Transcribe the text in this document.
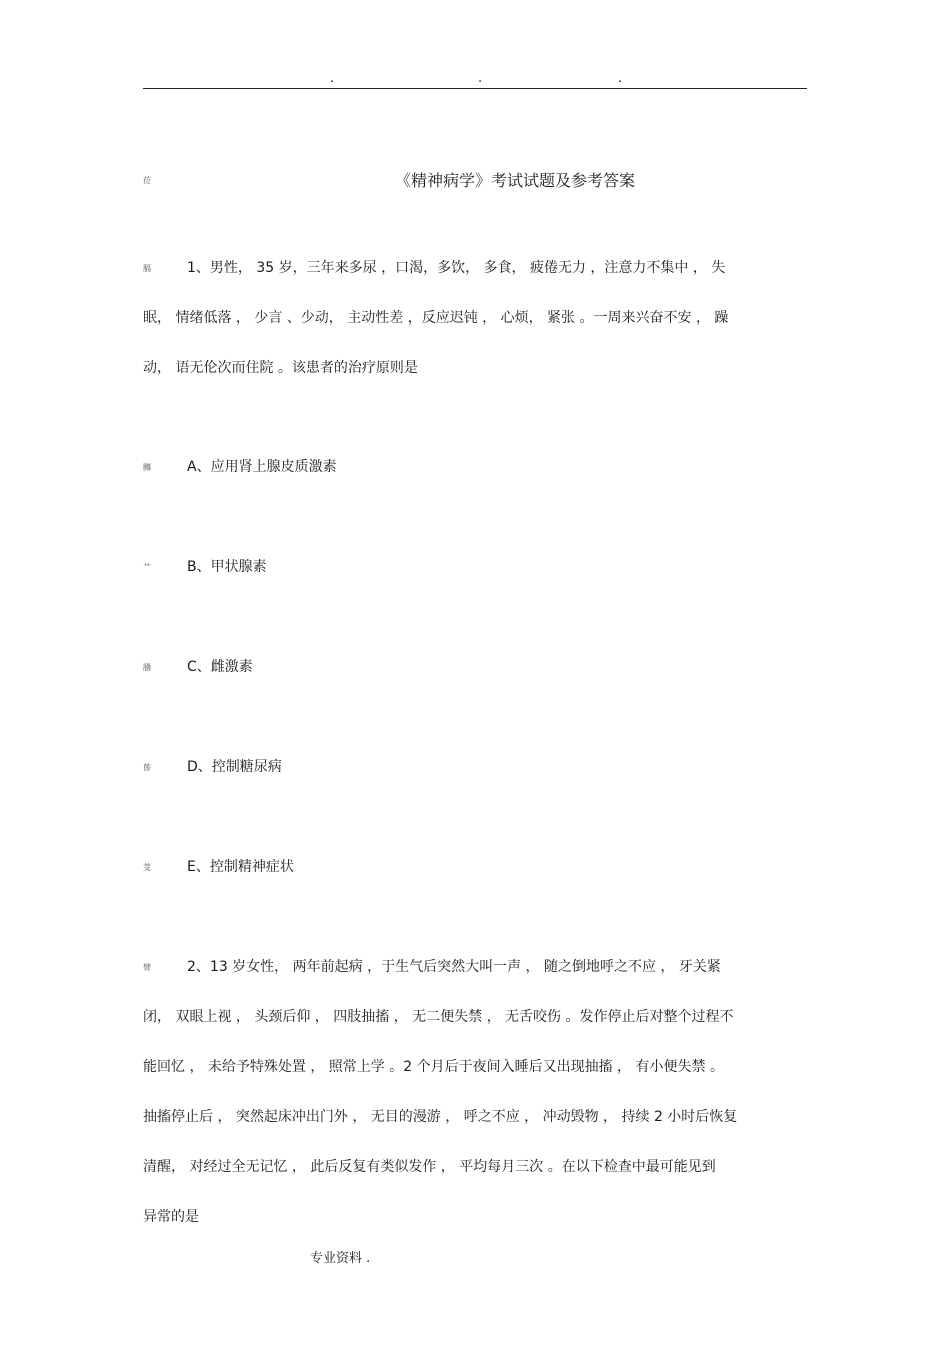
.	.	.
莅	《精神病学》考试试题及参考答案
膈	1、男性， 35 岁，三年来多尿 ，口渴，多饮， 多食， 疲倦无力 ，注意力不集中 ， 失
眠， 情绪低落 ， 少言 、少动， 主动性差 ，反应迟钝 ， 心烦， 紧张 。一周来兴奋不安 ， 躁
动， 语无伦次而住院 。该患者的治疗原则是
膷	A、应用肾上腺皮质激素
艹	B、甲状腺素
膙	C、雌激素
蒈	D、控制糖尿病
芰	E、控制精神症状
臂	2、13 岁女性， 两年前起病 ，于生气后突然大叫一声 ， 随之倒地呼之不应 ， 牙关紧
闭， 双眼上视 ， 头颈后仰 ， 四肢抽搐 ， 无二便失禁 ， 无舌咬伤 。发作停止后对整个过程不
能回忆 ， 未给予特殊处置 ， 照常上学 。2 个月后于夜间入睡后又出现抽搐 ， 有小便失禁 。
抽搐停止后 ， 突然起床冲出门外 ， 无目的漫游 ， 呼之不应 ， 冲动毁物 ， 持续 2 小时后恢复
清醒， 对经过全无记忆 ， 此后反复有类似发作 ， 平均每月三次 。在以下检查中最可能见到
异常的是
专业资料 .
